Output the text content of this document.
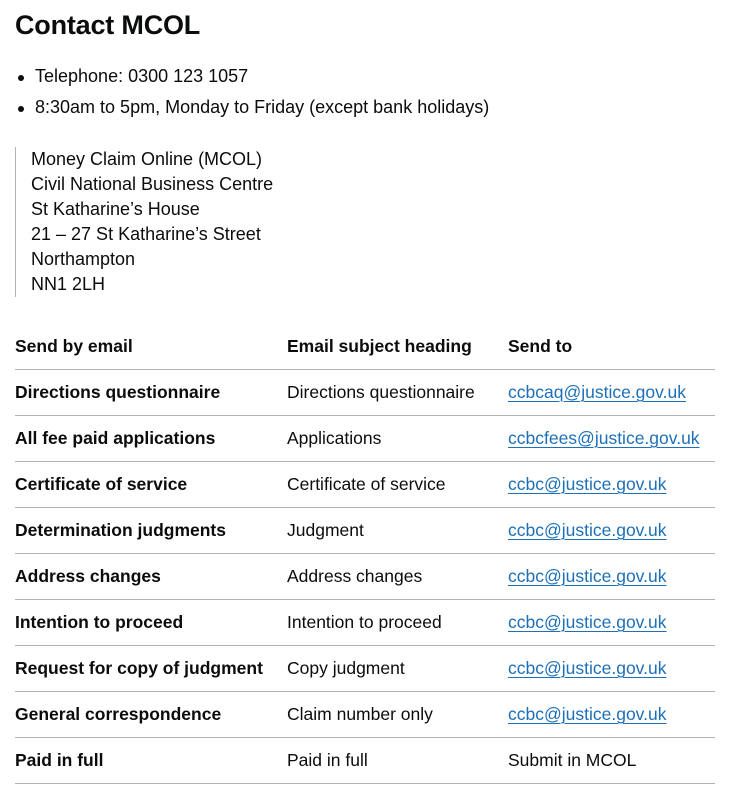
Contact MCOL
Telephone: 0300 123 1057
8:30am to 5pm, Monday to Friday (except bank holidays)
Money Claim Online (MCOL)
Civil National Business Centre
St Katharine’s House
21 – 27 St Katharine’s Street
Northampton
NN1 2LH
Send by email	Email subject heading	Send to
Directions questionnaire	Directions questionnaire	ccbcaq@justice.gov.uk
All fee paid applications	Applications	ccbcfees@justice.gov.uk
Certificate of service	Certificate of service	ccbc@justice.gov.uk
Determination judgments	Judgment	ccbc@justice.gov.uk
Address changes	Address changes	ccbc@justice.gov.uk
Intention to proceed	Intention to proceed	ccbc@justice.gov.uk
Request for copy of judgment	Copy judgment	ccbc@justice.gov.uk
General correspondence	Claim number only	ccbc@justice.gov.uk
Paid in full	Paid in full	Submit in MCOL
